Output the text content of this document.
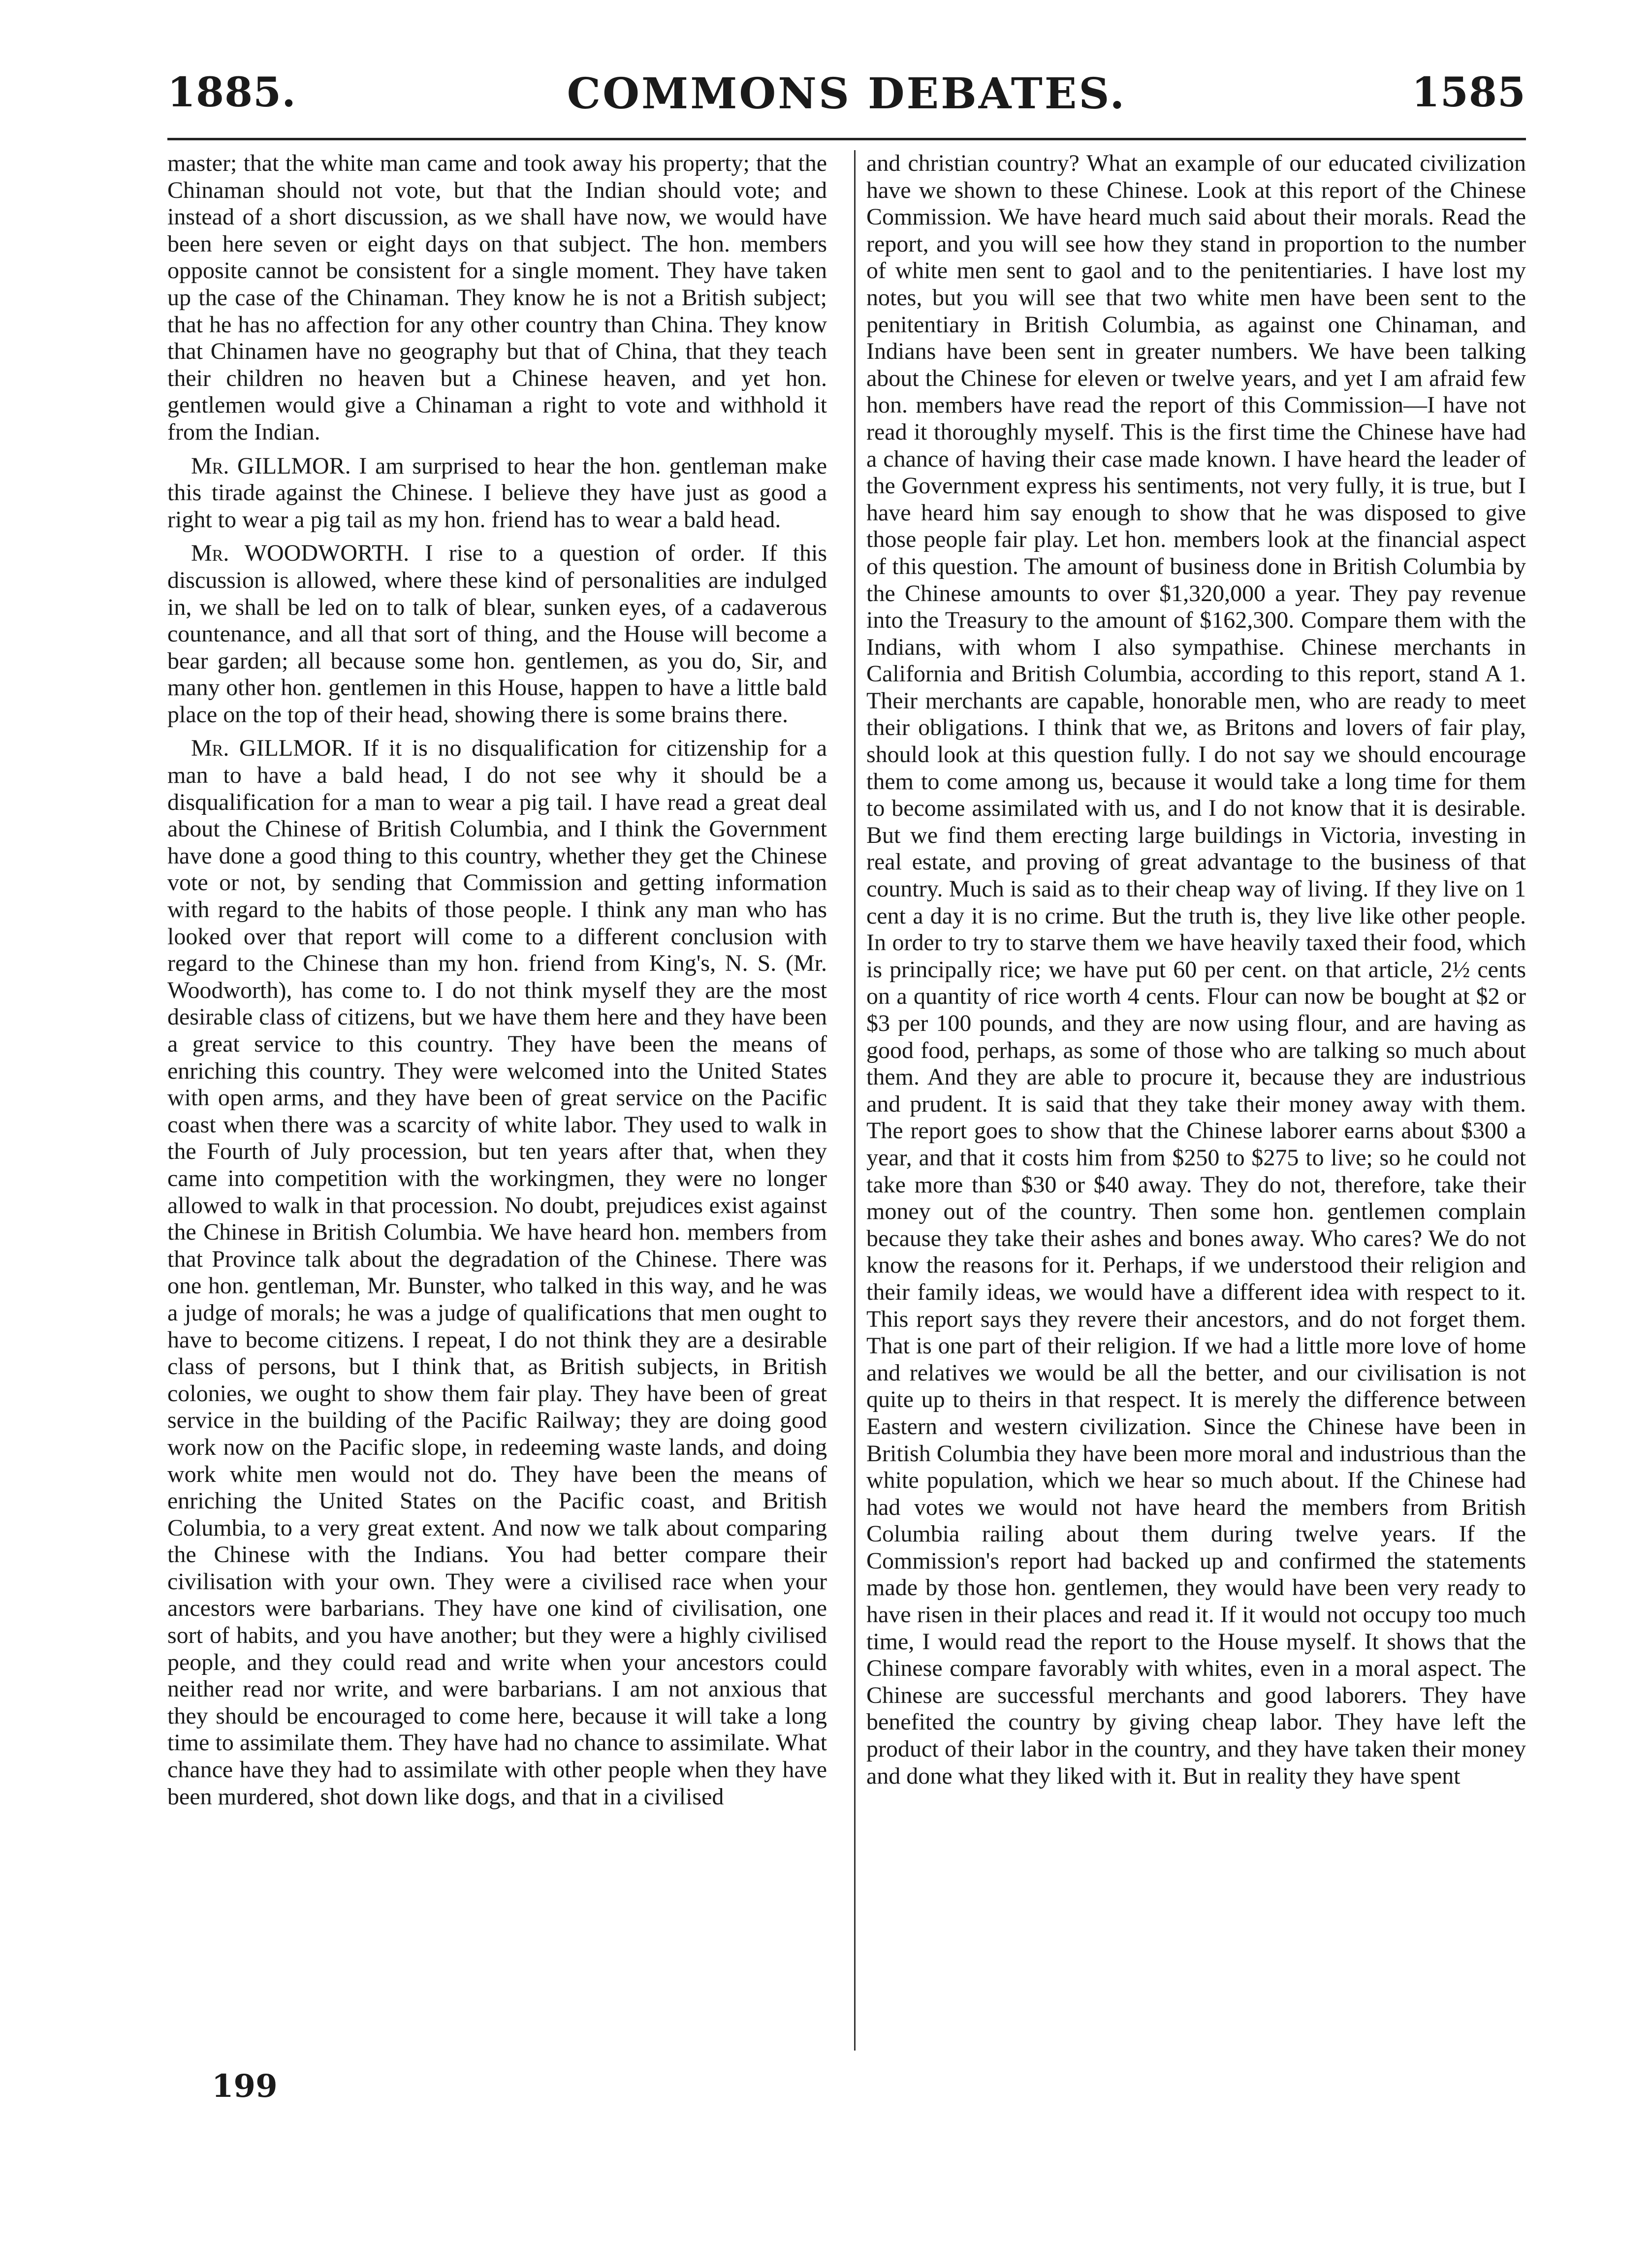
1885.	COMMONS DEBATES.	1585

master; that the white man came and took away his property; that the Chinaman should not vote, but that the Indian should vote; and instead of a short discussion, as we shall have now, we would have been here seven or eight days on that subject. The hon. members opposite cannot be consistent for a single moment. They have taken up the case of the Chinaman. They know he is not a British subject; that he has no affection for any other country than China. They know that Chinamen have no geography but that of China, that they teach their children no heaven but a Chinese heaven, and yet hon. gentlemen would give a Chinaman a right to vote and withhold it from the Indian.

Mr. GILLMOR. I am surprised to hear the hon. gentleman make this tirade against the Chinese. I believe they have just as good a right to wear a pig tail as my hon. friend has to wear a bald head.

Mr. WOODWORTH. I rise to a question of order. If this discussion is allowed, where these kind of personalities are indulged in, we shall be led on to talk of blear, sunken eyes, of a cadaverous countenance, and all that sort of thing, and the House will become a bear garden; all because some hon. gentlemen, as you do, Sir, and many other hon. gentlemen in this House, happen to have a little bald place on the top of their head, showing there is some brains there.

Mr. GILLMOR. If it is no disqualification for citizenship for a man to have a bald head, I do not see why it should be a disqualification for a man to wear a pig tail. I have read a great deal about the Chinese of British Columbia, and I think the Government have done a good thing to this country, whether they get the Chinese vote or not, by sending that Commission and getting information with regard to the habits of those people. I think any man who has looked over that report will come to a different conclusion with regard to the Chinese than my hon. friend from King's, N. S. (Mr. Woodworth), has come to. I do not think myself they are the most desirable class of citizens, but we have them here and they have been a great service to this country. They have been the means of enriching this country. They were welcomed into the United States with open arms, and they have been of great service on the Pacific coast when there was a scarcity of white labor. They used to walk in the Fourth of July procession, but ten years after that, when they came into competition with the workingmen, they were no longer allowed to walk in that procession. No doubt, prejudices exist against the Chinese in British Columbia. We have heard hon. members from that Province talk about the degradation of the Chinese. There was one hon. gentleman, Mr. Bunster, who talked in this way, and he was a judge of morals; he was a judge of qualifications that men ought to have to become citizens. I repeat, I do not think they are a desirable class of persons, but I think that, as British subjects, in British colonies, we ought to show them fair play. They have been of great service in the building of the Pacific Railway; they are doing good work now on the Pacific slope, in redeeming waste lands, and doing work white men would not do. They have been the means of enriching the United States on the Pacific coast, and British Columbia, to a very great extent. And now we talk about comparing the Chinese with the Indians. You had better compare their civilisation with your own. They were a civilised race when your ancestors were barbarians. They have one kind of civilisation, one sort of habits, and you have another; but they were a highly civilised people, and they could read and write when your ancestors could neither read nor write, and were barbarians. I am not anxious that they should be encouraged to come here, because it will take a long time to assimilate them. They have had no chance to assimilate. What chance have they had to assimilate with other people when they have been murdered, shot down like dogs, and that in a civilised

and christian country? What an example of our educated civilization have we shown to these Chinese. Look at this report of the Chinese Commission. We have heard much said about their morals. Read the report, and you will see how they stand in proportion to the number of white men sent to gaol and to the penitentiaries. I have lost my notes, but you will see that two white men have been sent to the penitentiary in British Columbia, as against one Chinaman, and Indians have been sent in greater numbers. We have been talking about the Chinese for eleven or twelve years, and yet I am afraid few hon. members have read the report of this Commission—I have not read it thoroughly myself. This is the first time the Chinese have had a chance of having their case made known. I have heard the leader of the Government express his sentiments, not very fully, it is true, but I have heard him say enough to show that he was disposed to give those people fair play. Let hon. members look at the financial aspect of this question. The amount of business done in British Columbia by the Chinese amounts to over $1,320,000 a year. They pay revenue into the Treasury to the amount of $162,300. Compare them with the Indians, with whom I also sympathise. Chinese merchants in California and British Columbia, according to this report, stand A 1. Their merchants are capable, honorable men, who are ready to meet their obligations. I think that we, as Britons and lovers of fair play, should look at this question fully. I do not say we should encourage them to come among us, because it would take a long time for them to become assimilated with us, and I do not know that it is desirable. But we find them erecting large buildings in Victoria, investing in real estate, and proving of great advantage to the business of that country. Much is said as to their cheap way of living. If they live on 1 cent a day it is no crime. But the truth is, they live like other people. In order to try to starve them we have heavily taxed their food, which is principally rice; we have put 60 per cent. on that article, 2½ cents on a quantity of rice worth 4 cents. Flour can now be bought at $2 or $3 per 100 pounds, and they are now using flour, and are having as good food, perhaps, as some of those who are talking so much about them. And they are able to procure it, because they are industrious and prudent. It is said that they take their money away with them. The report goes to show that the Chinese laborer earns about $300 a year, and that it costs him from $250 to $275 to live; so he could not take more than $30 or $40 away. They do not, therefore, take their money out of the country. Then some hon. gentlemen complain because they take their ashes and bones away. Who cares? We do not know the reasons for it. Perhaps, if we understood their religion and their family ideas, we would have a different idea with respect to it. This report says they revere their ancestors, and do not forget them. That is one part of their religion. If we had a little more love of home and relatives we would be all the better, and our civilisation is not quite up to theirs in that respect. It is merely the difference between Eastern and western civilization. Since the Chinese have been in British Columbia they have been more moral and industrious than the white population, which we hear so much about. If the Chinese had had votes we would not have heard the members from British Columbia railing about them during twelve years. If the Commission's report had backed up and confirmed the statements made by those hon. gentlemen, they would have been very ready to have risen in their places and read it. If it would not occupy too much time, I would read the report to the House myself. It shows that the Chinese compare favorably with whites, even in a moral aspect. The Chinese are successful merchants and good laborers. They have benefited the country by giving cheap labor. They have left the product of their labor in the country, and they have taken their money and done what they liked with it. But in reality they have spent

199
